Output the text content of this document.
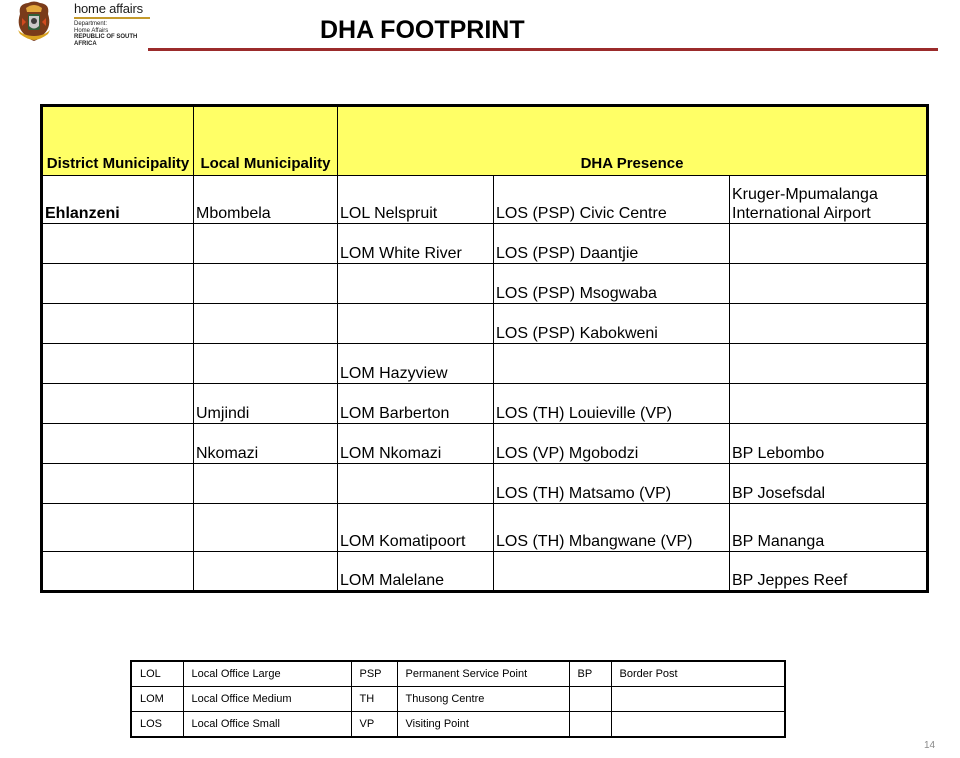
home affairs
Department:
Home Affairs
REPUBLIC OF SOUTH AFRICA	DHA FOOTPRINT
District Municipality	Local Municipality	DHA Presence		
Ehlanzeni	Mbombela	LOL Nelspruit	LOS (PSP) Civic Centre	Kruger-Mpumalanga International Airport
		LOM White River	LOS (PSP) Daantjie	
			LOS (PSP) Msogwaba	
			LOS (PSP) Kabokweni	
		LOM Hazyview		
	Umjindi	LOM Barberton	LOS (TH) Louieville (VP)	
	Nkomazi	LOM Nkomazi	LOS (VP) Mgobodzi	BP Lebombo
			LOS (TH) Matsamo (VP)	BP Josefsdal
		LOM Komatipoort	LOS (TH) Mbangwane (VP)	BP Mananga
		LOM Malelane		BP Jeppes Reef
LOL	Local Office Large	PSP	Permanent Service Point	BP	Border Post
LOM	Local Office Medium	TH	Thusong Centre		
LOS	Local Office Small	VP	Visiting Point		
14
